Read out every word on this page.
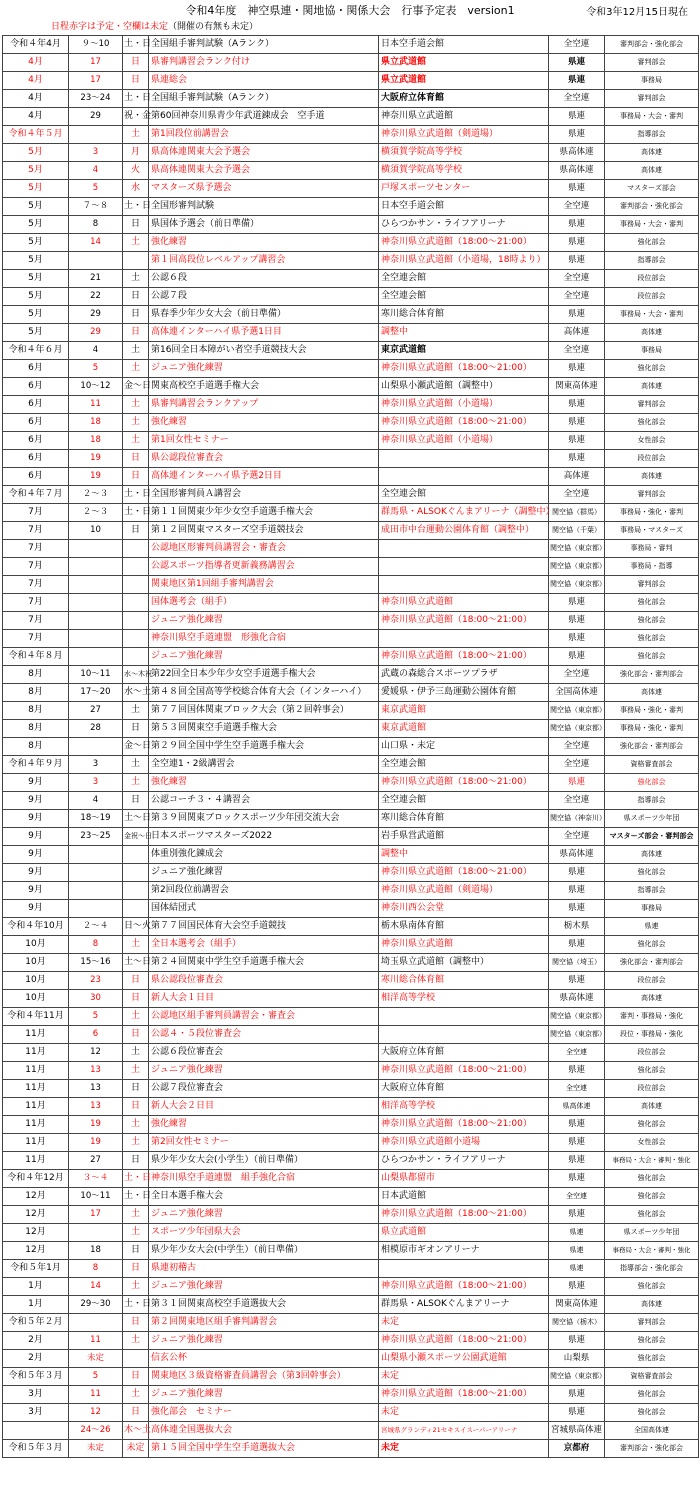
令和4年度　神空県連・関地協・関係大会　行事予定表　version1	令和3年12月15日現在
日程赤字は予定・空欄は未定（開催の有無も未定）
令和４年4月	９～10	土・日	全国組手審判試験（Aランク）	日本空手道会館	全空連	審判部会・強化部会
4月	17	日	県審判講習会ランク付け	県立武道館	県連	審判部会
4月	17	日	県連総会	県立武道館	県連	事務局
4月	23～24	土・日	全国組手審判試験（Aランク）	大阪府立体育館	全空連	審判部会
4月	29	祝・金	第60回神奈川県青少年武道錬成会　空手道	神奈川県立武道館	県連	事務局・大会・審判
令和４年５月		土	第1回段位前講習会	神奈川県立武道館（剣道場）	県連	指導部会
5月	3	月	県高体連関東大会予選会	横須賀学院高等学校	県高体連	高体連
5月	4	火	県高体連関東大会予選会	横須賀学院高等学校	県高体連	高体連
5月	5	水	マスターズ県予選会	戸塚スポーツセンター	県連	マスターズ部会
5月	７～８	土・日	全国形審判試験	日本空手道会館	全空連	審判部会・強化部会
5月	8	日	県国体予選会（前日準備）	ひらつかサン・ライフアリーナ	県連	事務局・大会・審判
5月	14	土	強化練習	神奈川県立武道館（18:00～21:00）	県連	強化部会
5月			第１回高段位レベルアップ講習会	神奈川県立武道館（小道場，18時より）	県連	指導部会
5月	21	土	公認６段	全空連会館	全空連	段位部会
5月	22	日	公認７段	全空連会館	全空連	段位部会
5月	29	日	県春季少年少女大会（前日準備）	寒川総合体育館	県連	事務局・大会・審判
5月	29	日	高体連インターハイ県予選1日目	調整中	高体連	高体連
令和４年６月	4	土	第16回全日本障がい者空手道競技大会	東京武道館	全空連	事務局
6月	5	土	ジュニア強化練習	神奈川県立武道館（18:00～21:00）	県連	強化部会
6月	10～12	金～日	関東高校空手道選手権大会	山梨県小瀬武道館（調整中）	関東高体連	高体連
6月	11	土	県審判講習会ランクアップ	神奈川県立武道館（小道場）	県連	審判部会
6月	18	土	強化練習	神奈川県立武道館（18:00～21:00）	県連	強化部会
6月	18	土	第1回女性セミナー	神奈川県立武道館（小道場）	県連	女性部会
6月	19	日	県公認段位審査会		県連	段位部会
6月	19	日	高体連インターハイ県予選2日目		高体連	高体連
令和４年７月	２～３	土・日	全国形審判員Ａ講習会	全空連会館	全空連	審判部会
7月	２～３	土・日	第１１回関東少年少女空手道選手権大会	群馬県・ALSOKぐんまアリーナ（調整中）	関空協（群馬）	事務局・強化・審判
7月	10	日	第１２回関東マスターズ空手道競技会	成田市中台運動公園体育館（調整中）	関空協（千葉）	事務局・マスターズ
7月			公認地区形審判員講習会・審査会		関空協（東京都）	事務局・審判
7月			公認スポーツ指導者更新義務講習会		関空協（東京都）	事務局・指導
7月			関東地区第1回組手審判講習会		関空協（東京都）	審判部会
7月			国体選考会（組手）	神奈川県立武道館	県連	強化部会
7月			ジュニア強化練習	神奈川県立武道館（18:00～21:00）	県連	強化部会
7月			神奈川県空手道連盟　形強化合宿		県連	強化部会
令和４年８月			ジュニア強化練習	神奈川県立武道館（18:00～21:00）	県連	強化部会
8月	10～11	水～木祝	第22回全日本少年少女空手道選手権大会	武蔵の森総合スポーツプラザ	全空連	強化部会・審判部会
8月	17～20	水～土	第４８回全国高等学校総合体育大会（インターハイ）	愛媛県・伊予三島運動公園体育館	全国高体連	高体連
8月	27	土	第７７回国体関東ブロック大会（第２回幹事会）	東京武道館	関空協（東京都）	事務局・強化・審判
8月	28	日	第５３回関東空手道選手権大会	東京武道館	関空協（東京都）	事務局・強化・審判
8月		金～日	第２９回全国中学生空手道選手権大会	山口県・未定	全空連	強化部会・審判部会
令和４年９月	3	土	全空連1・2級講習会	全空連会館	全空連	資格審査部会
9月	3	土	強化練習	神奈川県立武道館（18:00～21:00）	県連	強化部会
9月	4	日	公認コーチ３・４講習会	全空連会館	全空連	指導部会
9月	18～19	土～日	第３９回関東ブロックスポーツ少年団交流大会	寒川総合体育館	関空協（神奈川）	県スポーツ少年団
9月	23～25	金祝～日	日本スポーツマスターズ2022	岩手県営武道館	全空連	マスターズ部会・審判部会
9月			体重別強化錬成会	調整中	県高体連	高体連
9月			ジュニア強化練習	神奈川県立武道館（18:00～21:00）	県連	強化部会
9月			第2回段位前講習会	神奈川県立武道館（剣道場）	県連	指導部会
9月			国体結団式	神奈川西公会堂	県連	事務局
令和４年10月	２～４	日～火	第７７回国民体育大会空手道競技	栃木県南体育館	栃木県	県連
10月	8	土	全日本選考会（組手）	神奈川県立武道館	県連	強化部会
10月	15～16	土～日	第２４回関東中学生空手道選手権大会	埼玉県立武道館（調整中）	関空協（埼玉）	強化部会・審判部会
10月	23	日	県公認段位審査会	寒川総合体育館	県連	段位部会
10月	30	日	新人大会１日目	相洋高等学校	県高体連	高体連
令和４年11月	5	土	公認地区組手審判員講習会・審査会		関空協（東京都）	審判・事務局・強化
11月	6	日	公認４・５段位審査会		関空協（東京都）	段位・事務局・強化
11月	12	土	公認６段位審査会	大阪府立体育館	全空連	段位部会
11月	13	土	ジュニア強化練習	神奈川県立武道館（18:00～21:00）	県連	強化部会
11月	13	日	公認７段位審査会	大阪府立体育館	全空連	段位部会
11月	13	日	新人大会２日目	相洋高等学校	県高体連	高体連
11月	19	土	強化練習	神奈川県立武道館（18:00～21:00）	県連	強化部会
11月	19	土	第2回女性セミナー	神奈川県立武道館小道場	県連	女性部会
11月	27	日	県少年少女大会(小学生）（前日準備）	ひらつかサン・ライフアリーナ	県連	事務局・大会・審判・強化
令和４年12月	３～４	土・日	神奈川県空手道連盟　組手強化合宿	山梨県都留市	県連	強化部会
12月	10～11	土・日	全日本選手権大会	日本武道館	全空連	強化部会
12月	17	土	ジュニア強化練習	神奈川県立武道館（18:00～21:00）	県連	強化部会
12月		土	スポーツ少年団県大会	県立武道館	県連	県スポーツ少年団
12月	18	日	県少年少女大会(中学生）（前日準備）	相模原市ギオンアリーナ	県連	事務局・大会・審判・強化
令和５年1月	8	日	県連初稽古		県連	指導部会・強化部会
1月	14	土	ジュニア強化練習	神奈川県立武道館（18:00～21:00）	県連	強化部会
1月	29～30	土・日	第３１回関東高校空手道選抜大会	群馬県・ALSOKぐんまアリーナ	関東高体連	高体連
令和５年２月		日	第２回関東地区組手審判講習会	未定	関空協（栃木）	審判部会
2月	11	土	ジュニア強化練習	神奈川県立武道館（18:00～21:00）	県連	強化部会
2月	未定		信玄公杯	山梨県小瀬スポーツ公園武道館	山梨県	強化部会
令和５年３月	5	日	関東地区３級資格審査員講習会（第3回幹事会）	未定	関空協（東京都）	資格審査部会
3月	11	土	ジュニア強化練習	神奈川県立武道館（18:00～21:00）	県連	強化部会
3月	12	日	強化部会　セミナー	未定	県連	強化部会
	24～26	木～土	高体連全国選抜大会	宮城県グランディ21セキスイスーパーアリーナ	宮城県高体連	全国高体連
令和５年３月	未定	未定	第１５回全国中学生空手道選抜大会	未定	京都府	審判部会・強化部会
